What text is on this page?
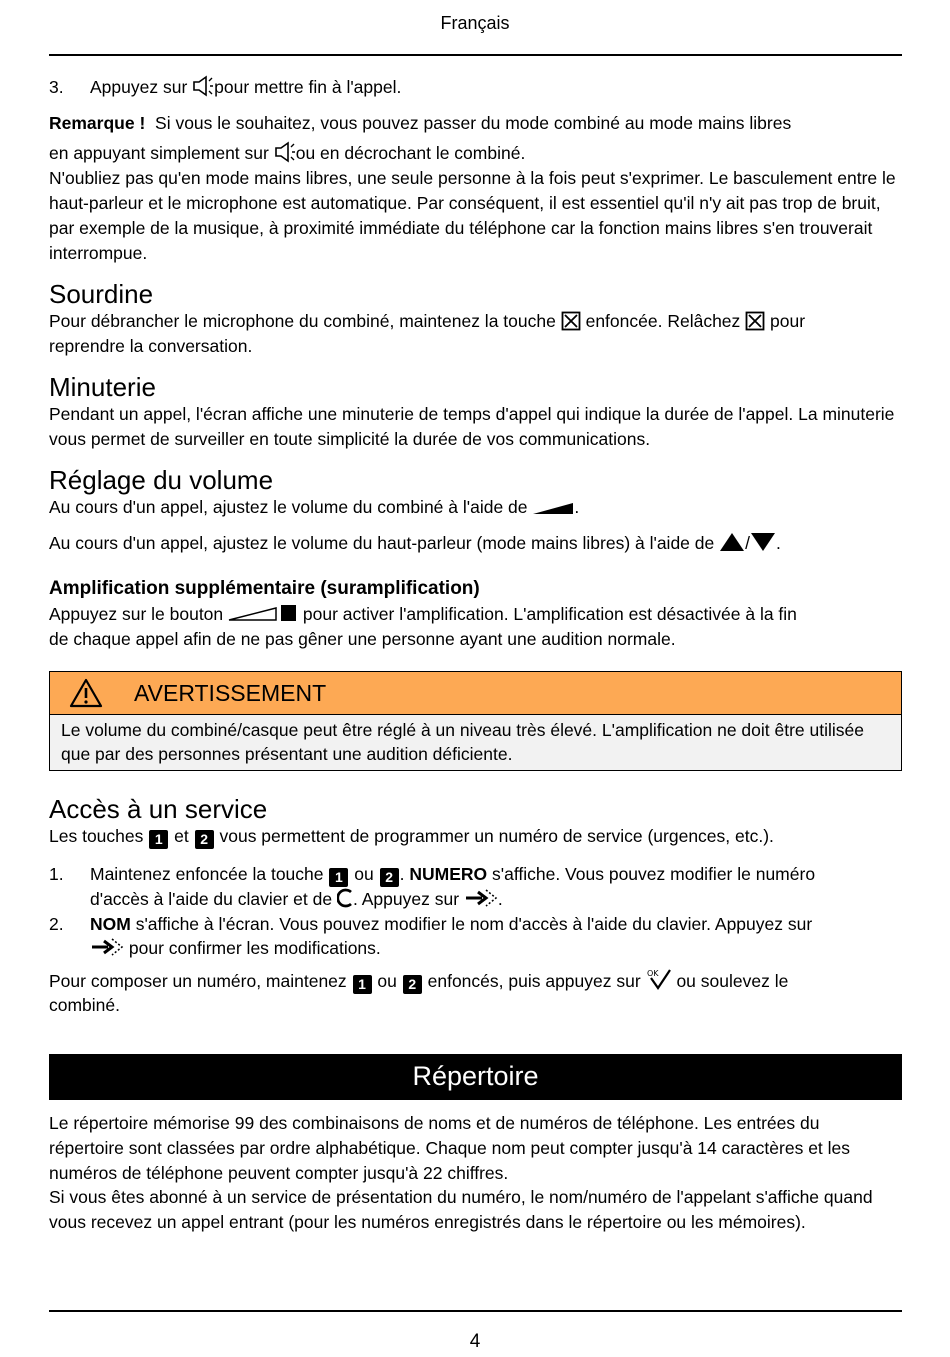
Français
3. Appuyez sur pour mettre fin à l'appel.
Remarque ! Si vous le souhaitez, vous pouvez passer du mode combiné au mode mains libres
en appuyant simplement sur ou en décrochant le combiné.

N'oubliez pas qu'en mode mains libres, une seule personne à la fois peut s'exprimer. Le basculement entre le haut-parleur et le microphone est automatique. Par conséquent, il est essentiel qu'il n'y ait pas trop de bruit, par exemple de la musique, à proximité immédiate du téléphone car la fonction mains libres s'en trouverait interrompue.

Sourdine
Pour débrancher le microphone du combiné, maintenez la touche enfoncée. Relâchez pour
reprendre la conversation.
Minuterie

Pendant un appel, l'écran affiche une minuterie de temps d'appel qui indique la durée de l'appel. La minuterie vous permet de surveiller en toute simplicité la durée de vos communications.

Réglage du volume
Au cours d'un appel, ajustez le volume du combiné à l'aide de	.
Au cours d'un appel, ajustez le volume du haut-parleur (mode mains libres) à l'aide de / .
Amplification supplémentaire (suramplification)
Appuyez sur le bouton	pour activer l'amplification. L'amplification est désactivée à la fin
de chaque appel afin de ne pas gêner une personne ayant une audition normale.
AVERTISSEMENT

Le volume du combiné/casque peut être réglé à un niveau très élevé. L'amplification ne doit être utilisée que par des personnes présentant une audition déficiente.

Accès à un service
Les touches 1 et 2 vous permettent de programmer un numéro de service (urgences, etc.).
1. Maintenez enfoncée la touche 1 ou 2 . NUMERO s'affiche. Vous pouvez modifier le numéro
d'accès à l'aide du clavier et de . Appuyez sur .
2. NOM s'affiche à l'écran. Vous pouvez modifier le nom d'accès à l'aide du clavier. Appuyez sur

pour confirmer les modifications.
Pour composer un numéro, maintenez 1 ou 2 enfoncés, puis appuyez sur OK ou soulevez le
combiné.
Répertoire

Le répertoire mémorise 99 des combinaisons de noms et de numéros de téléphone. Les entrées du répertoire sont classées par ordre alphabétique. Chaque nom peut compter jusqu'à 14 caractères et les numéros de téléphone peuvent compter jusqu'à 22 chiffres.

Si vous êtes abonné à un service de présentation du numéro, le nom/numéro de l'appelant s'affiche quand vous recevez un appel entrant (pour les numéros enregistrés dans le répertoire ou les mémoires).

4
